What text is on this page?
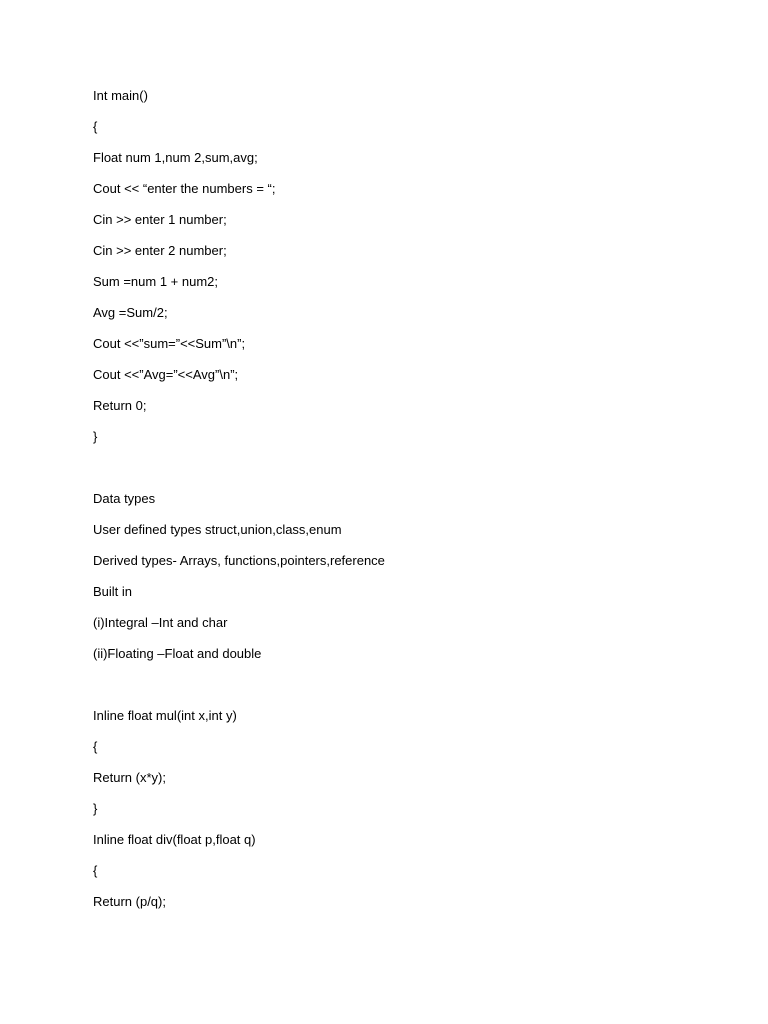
Int main()
{
Float num 1,num 2,sum,avg;
Cout << “enter the numbers = “;
Cin >> enter 1 number;
Cin >> enter 2 number;
Sum =num 1 + num2;
Avg =Sum/2;
Cout <<”sum=”<<Sum”\n”;
Cout <<”Avg=”<<Avg”\n”;
Return 0;
}
Data types
User defined types struct,union,class,enum
Derived types- Arrays, functions,pointers,reference
Built in
(i)Integral –Int and char
(ii)Floating –Float and double
Inline float mul(int x,int y)
{
Return (x*y);
}
Inline float div(float p,float q)
{
Return (p/q);
